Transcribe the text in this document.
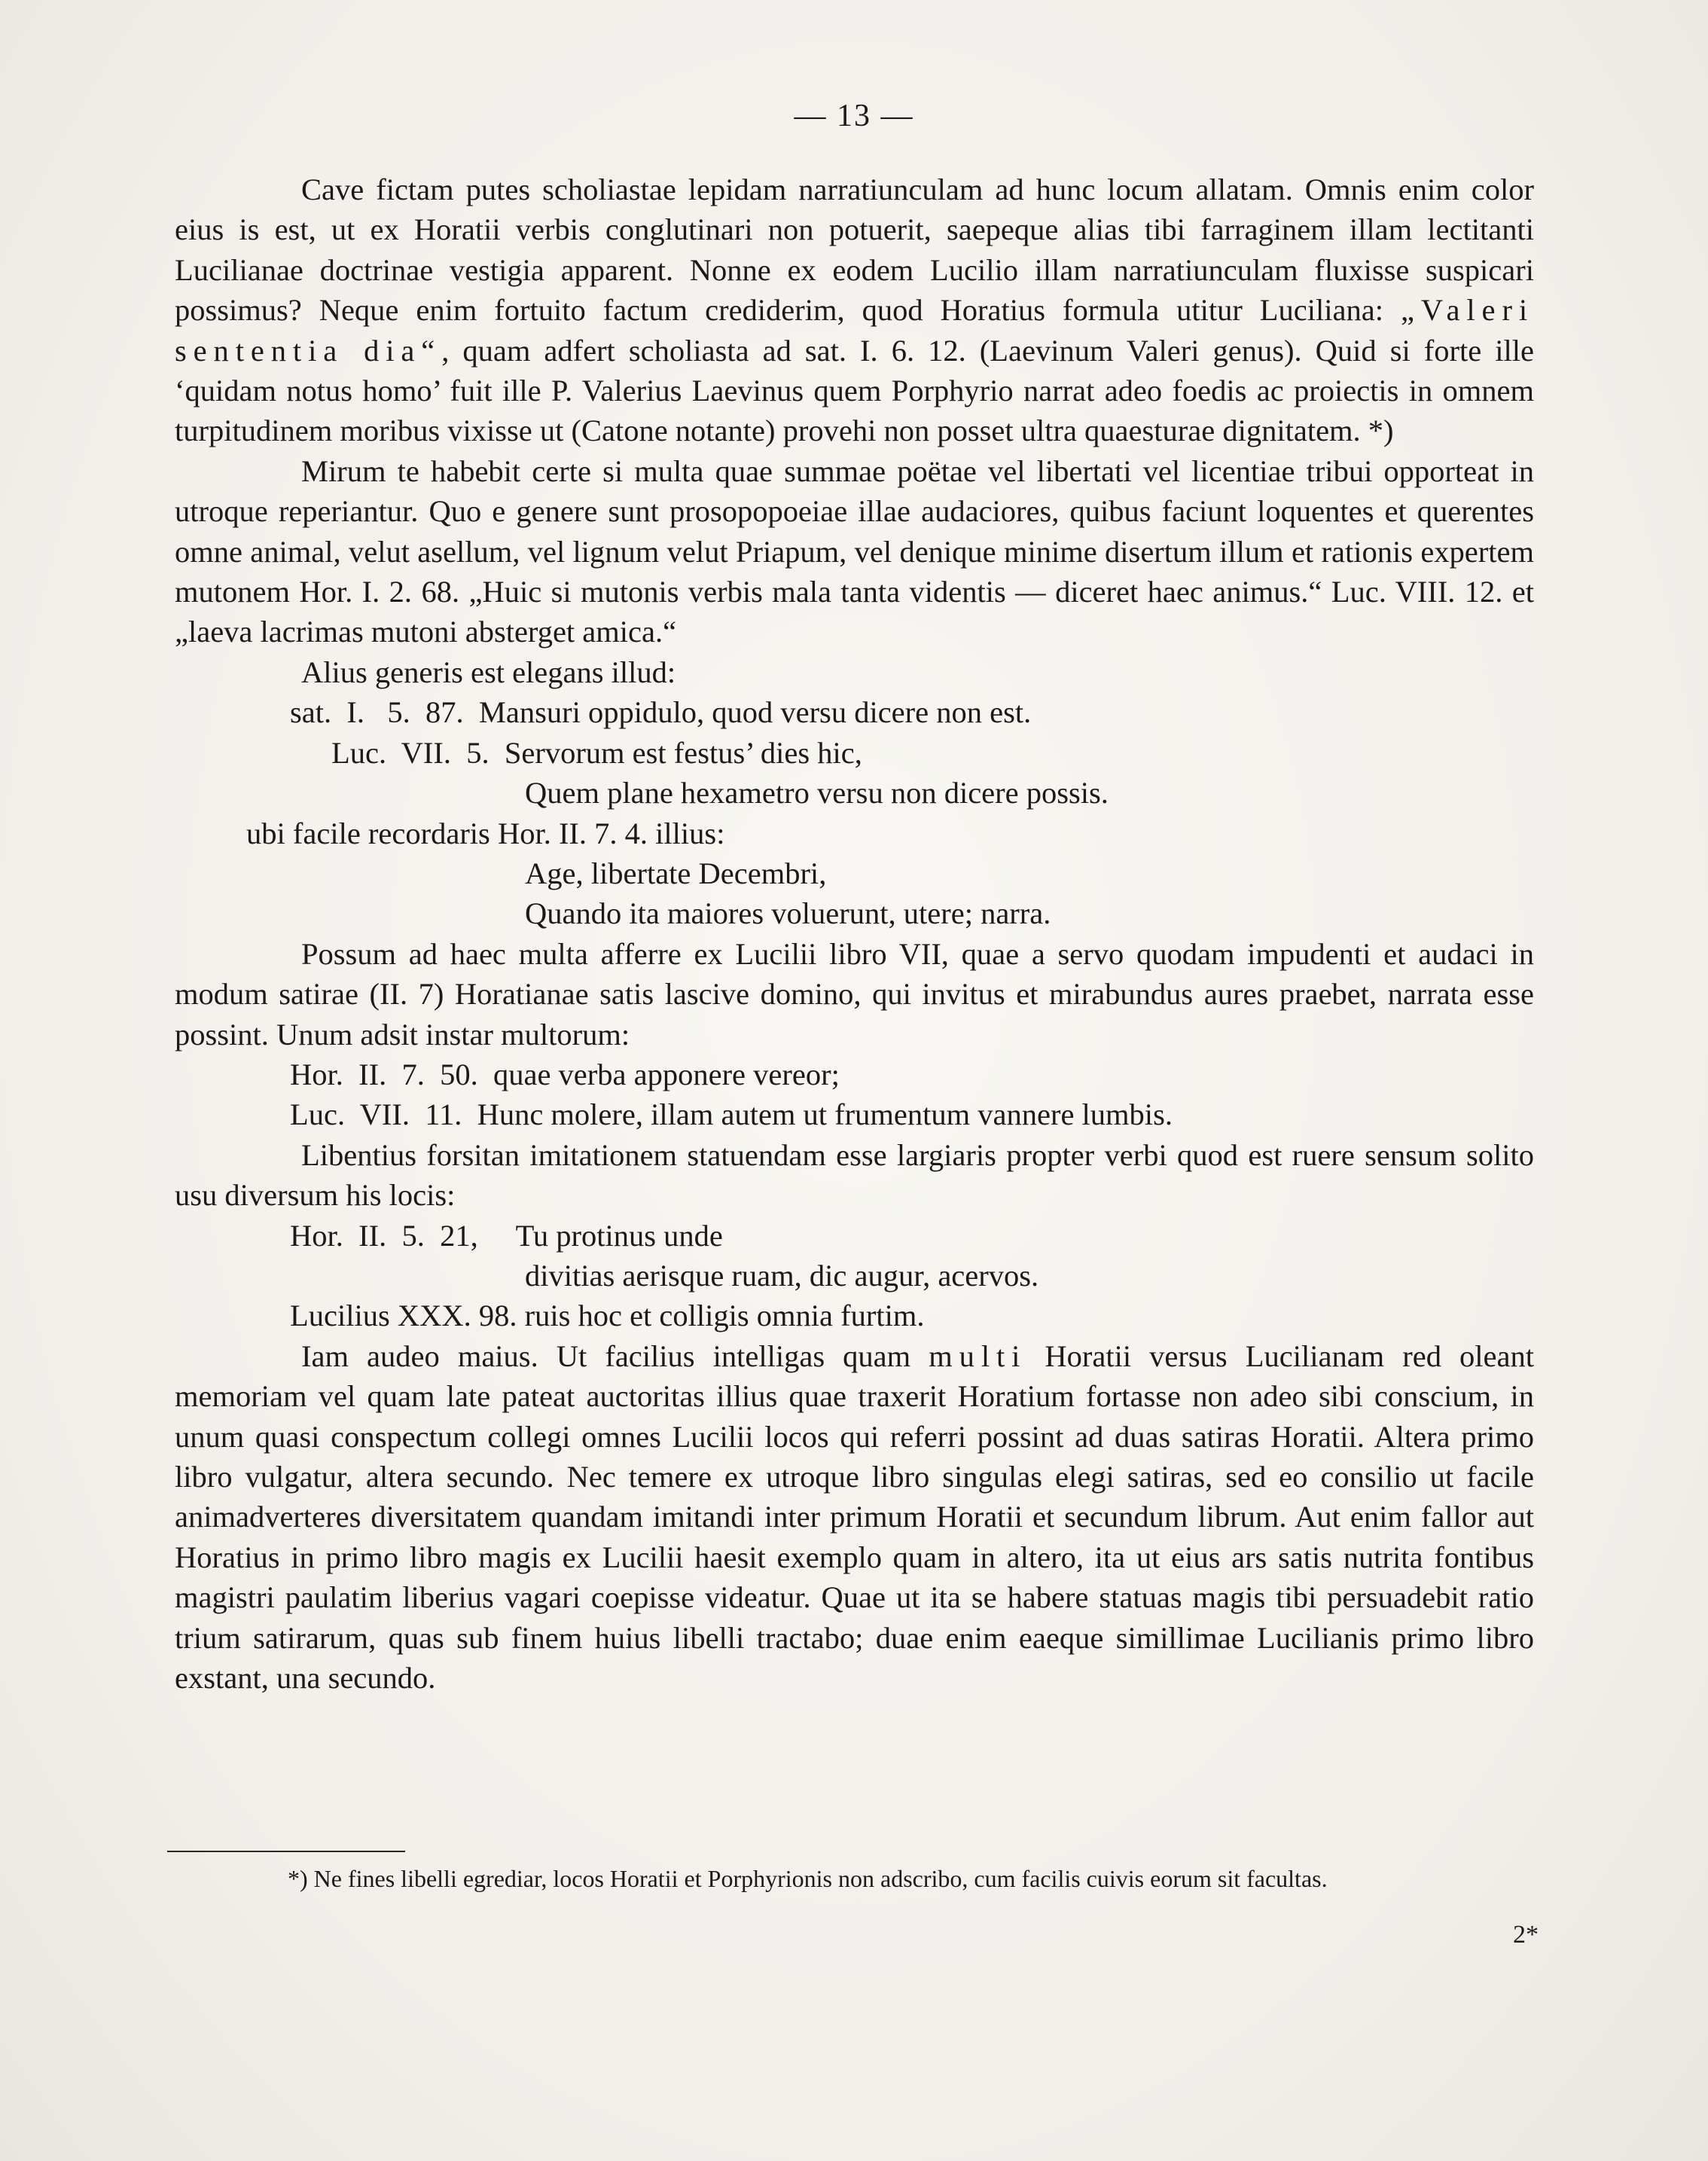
— 13 —

Cave fictam putes scholiastae lepidam narratiunculam ad hunc locum allatam. Omnis enim color eius is est, ut ex Horatii verbis conglutinari non potuerit, saepeque alias tibi farraginem illam lectitanti Lucilianae doctrinae vestigia apparent. Nonne ex eodem Lucilio illam narratiunculam fluxisse suspicari possimus? Neque enim fortuito factum crediderim, quod Horatius formula utitur Luciliana: „Valeri sententia dia“, quam adfert scholiasta ad sat. I. 6. 12. (Laevinum Valeri genus). Quid si forte ille ‘quidam notus homo’ fuit ille P. Valerius Laevinus quem Porphyrio narrat adeo foedis ac proiectis in omnem turpitudinem moribus vixisse ut (Catone notante) provehi non posset ultra quaesturae dignitatem. *)

Mirum te habebit certe si multa quae summae poëtae vel libertati vel licentiae tribui opporteat in utroque reperiantur. Quo e genere sunt prosopopoeiae illae audaciores, quibus faciunt loquentes et querentes omne animal, velut asellum, vel lignum velut Priapum, vel denique minime disertum illum et rationis expertem mutonem Hor. I. 2. 68. „Huic si mutonis verbis mala tanta videntis — diceret haec animus.“ Luc. VIII. 12. et „laeva lacrimas mutoni absterget amica.“

Alius generis est elegans illud:

sat.  I.   5.  87.  Mansuri oppidulo, quod versu dicere non est.
Luc.  VII.  5.  Servorum est festus’ dies hic,
Quem plane hexametro versu non dicere possis.
ubi facile recordaris Hor. II. 7. 4. illius:
Age, libertate Decembri,
Quando ita maiores voluerunt, utere; narra.

Possum ad haec multa afferre ex Lucilii libro VII, quae a servo quodam impudenti et audaci in modum satirae (II. 7) Horatianae satis lascive domino, qui invitus et mirabundus aures praebet, narrata esse possint. Unum adsit instar multorum:

Hor.  II.  7.  50.  quae verba apponere vereor;
Luc.  VII.  11.  Hunc molere, illam autem ut frumentum vannere lumbis.

Libentius forsitan imitationem statuendam esse largiaris propter verbi quod est ruere sensum solito usu diversum his locis:

Hor.  II.  5.  21,     Tu protinus unde
divitias aerisque ruam, dic augur, acervos.
Lucilius XXX. 98. ruis hoc et colligis omnia furtim.

Iam audeo maius. Ut facilius intelligas quam multi Horatii versus Lucilianam red oleant memoriam vel quam late pateat auctoritas illius quae traxerit Horatium fortasse non adeo sibi conscium, in unum quasi conspectum collegi omnes Lucilii locos qui referri possint ad duas satiras Horatii. Altera primo libro vulgatur, altera secundo. Nec temere ex utroque libro singulas elegi satiras, sed eo consilio ut facile animadverteres diversitatem quandam imitandi inter primum Horatii et secundum librum. Aut enim fallor aut Horatius in primo libro magis ex Lucilii haesit exemplo quam in altero, ita ut eius ars satis nutrita fontibus magistri paulatim liberius vagari coepisse videatur. Quae ut ita se habere statuas magis tibi persuadebit ratio trium satirarum, quas sub finem huius libelli tractabo; duae enim eaeque simillimae Lucilianis primo libro exstant, una secundo.

*) Ne fines libelli egrediar, locos Horatii et Porphyrionis non adscribo, cum facilis cuivis eorum sit facultas.
2*
